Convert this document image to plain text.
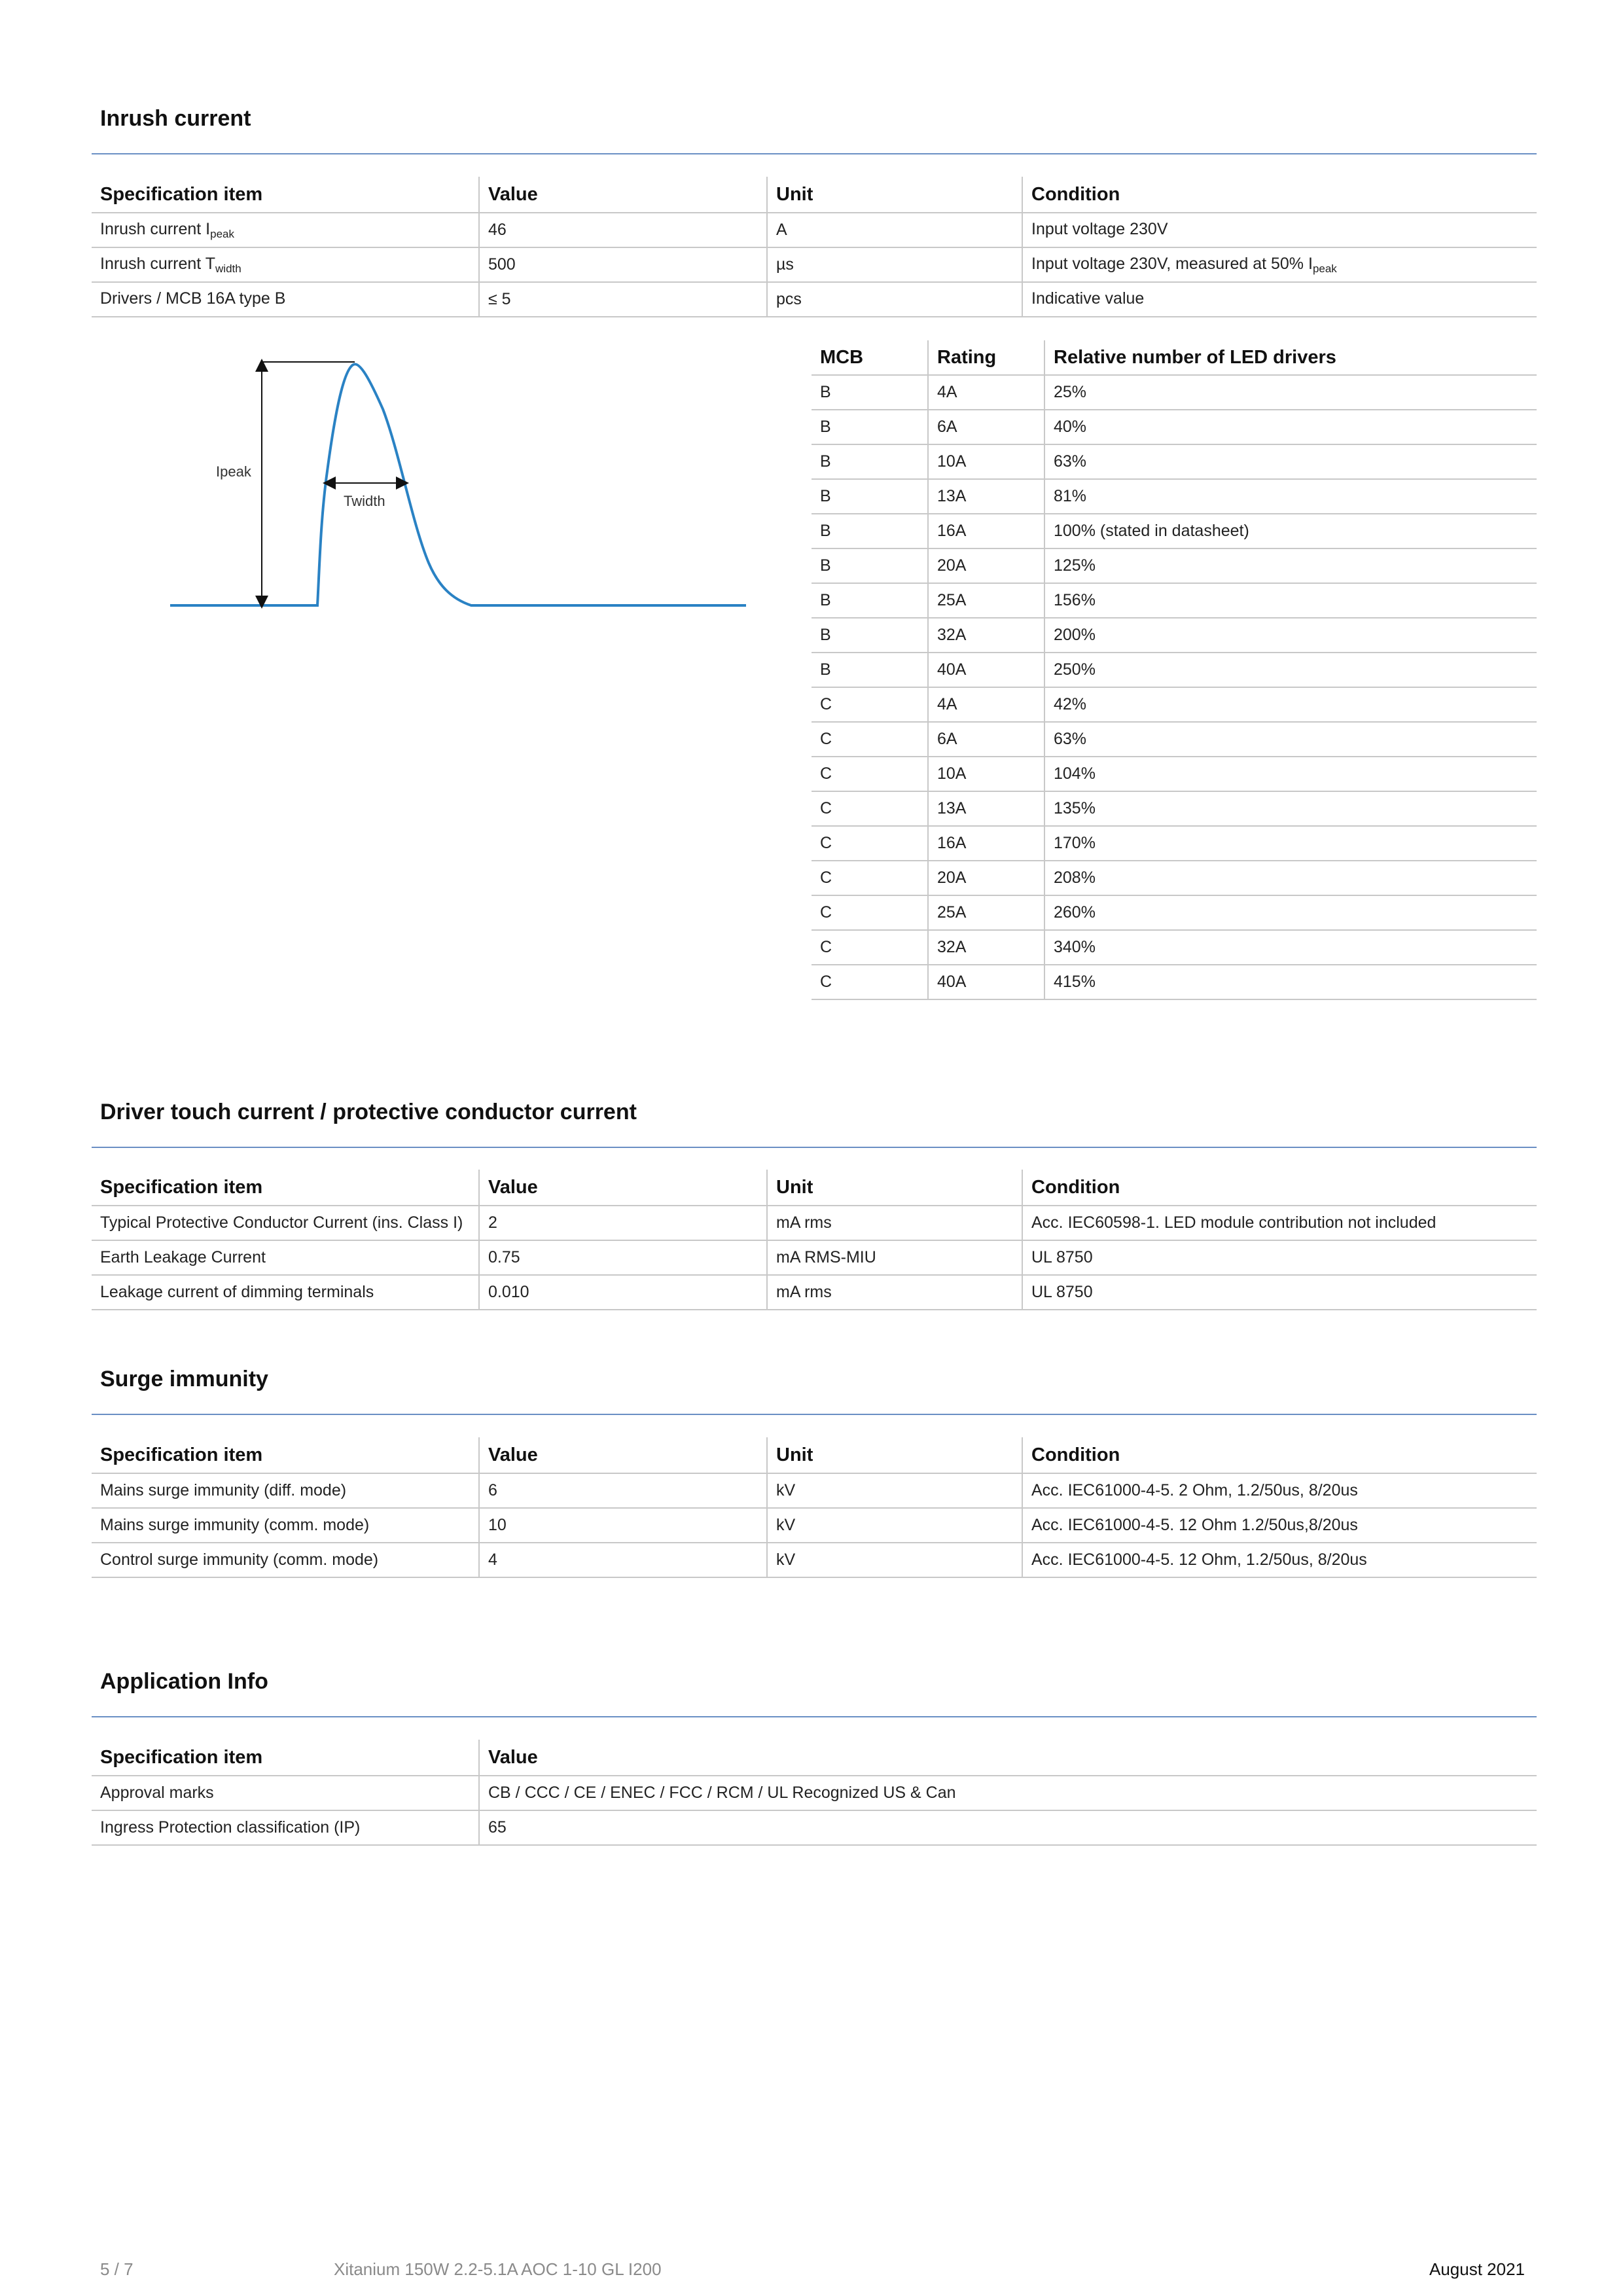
Inrush current
Specification item	Value	Unit	Condition
Inrush current $I_{peak}$	46	A	Input voltage 230V
Inrush current $T_{width}$	500	µs	Input voltage 230V, measured at 50% $I_{peak}$
Drivers / MCB 16A type B	≤ 5	pcs	Indicative value
Ipeak
Twidth
MCB	Rating	Relative number of LED drivers
B	4A	25%
B	6A	40%
B	10A	63%
B	13A	81%
B	16A	100% (stated in datasheet)
B	20A	125%
B	25A	156%
B	32A	200%
B	40A	250%
C	4A	42%
C	6A	63%
C	10A	104%
C	13A	135%
C	16A	170%
C	20A	208%
C	25A	260%
C	32A	340%
C	40A	415%
Driver touch current / protective conductor current
Specification item	Value	Unit	Condition
Typical Protective Conductor Current (ins. Class I)	2	mA rms	Acc. IEC60598-1. LED module contribution not included
Earth Leakage Current	0.75	mA RMS-MIU	UL 8750
Leakage current of dimming terminals	0.010	mA rms	UL 8750
Surge immunity
Specification item	Value	Unit	Condition
Mains surge immunity (diff. mode)	6	kV	Acc. IEC61000-4-5. 2 Ohm, 1.2/50us, 8/20us
Mains surge immunity (comm. mode)	10	kV	Acc. IEC61000-4-5. 12 Ohm 1.2/50us,8/20us
Control surge immunity (comm. mode)	4	kV	Acc. IEC61000-4-5. 12 Ohm, 1.2/50us, 8/20us
Application Info
Specification item	Value
Approval marks	CB / CCC / CE / ENEC / FCC / RCM / UL Recognized US & Can
Ingress Protection classification (IP)	65
5 / 7	Xitanium 150W 2.2-5.1A AOC 1-10 GL I200	August 2021
